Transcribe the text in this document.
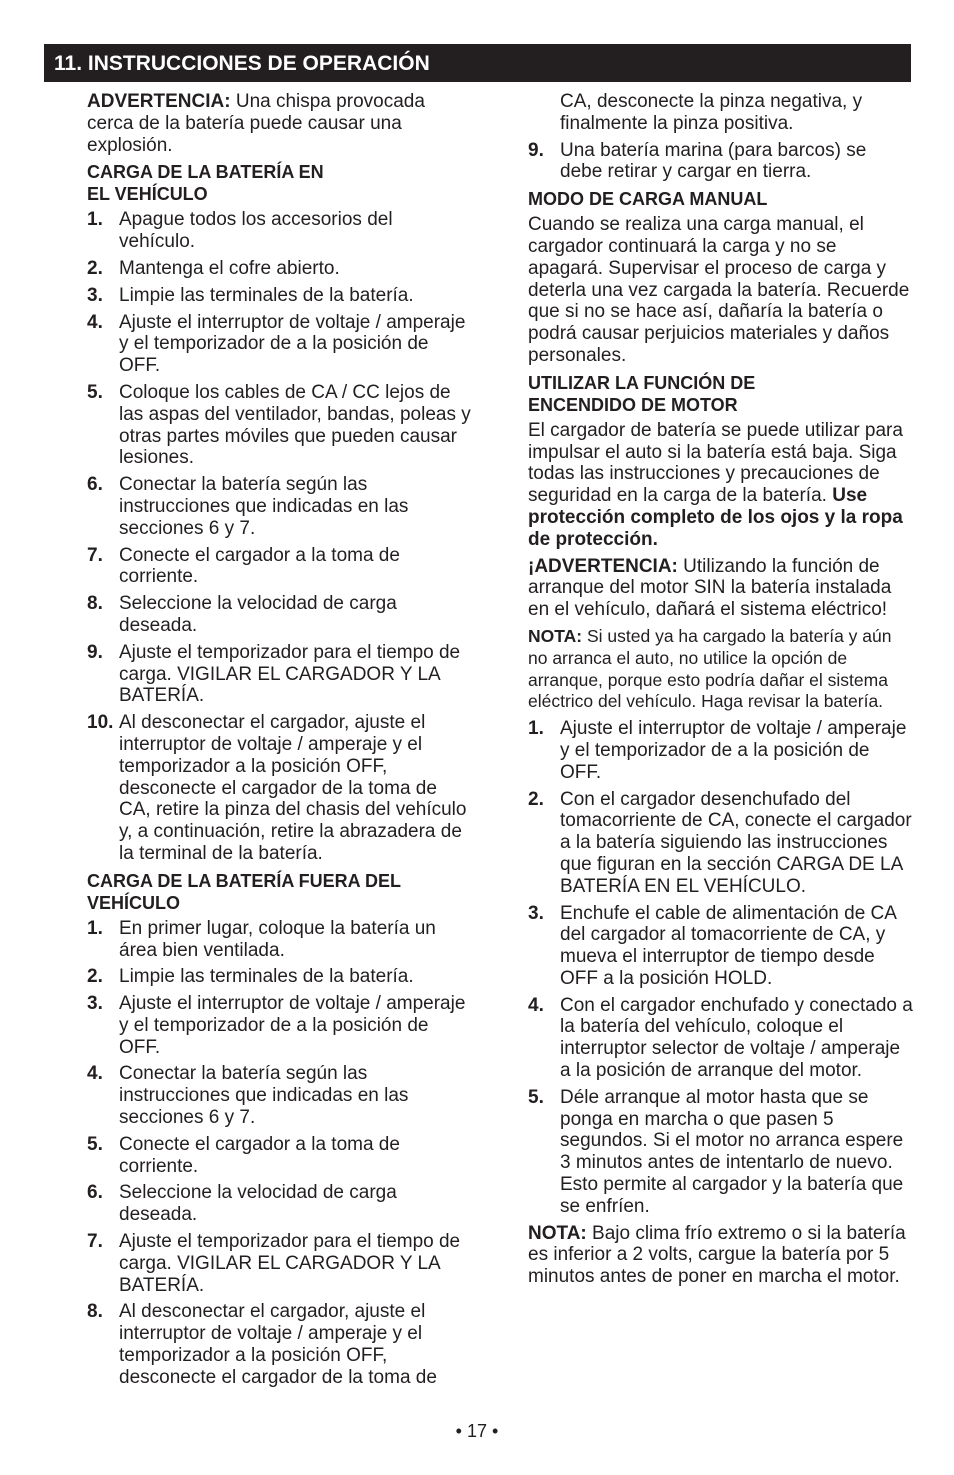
11. INSTRUCCIONES DE OPERACIÓN

ADVERTENCIA: Una chispa provocada cerca de la batería puede causar una explosión.

CARGA DE LA BATERÍA EN EL VEHÍCULO
1. Apague todos los accesorios del vehículo.
2. Mantenga el cofre abierto.
3. Limpie las terminales de la batería.
4. Ajuste el interruptor de voltaje / amperaje y el temporizador de a la posición de OFF.
5. Coloque los cables de CA / CC lejos de las aspas del ventilador, bandas, poleas y otras partes móviles que pueden causar lesiones.
6. Conectar la batería según las instrucciones que indicadas en las secciones 6 y 7.
7. Conecte el cargador a la toma de corriente.
8. Seleccione la velocidad de carga deseada.
9. Ajuste el temporizador para el tiempo de carga. VIGILAR EL CARGADOR Y LA BATERÍA.
10. Al desconectar el cargador, ajuste el interruptor de voltaje / amperaje y el temporizador a la posición OFF, desconecte el cargador de la toma de CA, retire la pinza del chasis del vehículo y, a continuación, retire la abrazadera de la terminal de la batería.
CARGA DE LA BATERÍA FUERA DEL VEHÍCULO
1. En primer lugar, coloque la batería un área bien ventilada.
2. Limpie las terminales de la batería.
3. Ajuste el interruptor de voltaje / amperaje y el temporizador de a la posición de OFF.
4. Conectar la batería según las instrucciones que indicadas en las secciones 6 y 7.
5. Conecte el cargador a la toma de corriente.
6. Seleccione la velocidad de carga deseada.
7. Ajuste el temporizador para el tiempo de carga. VIGILAR EL CARGADOR Y LA BATERÍA.
8. Al desconectar el cargador, ajuste el interruptor de voltaje / amperaje y el temporizador a la posición OFF, desconecte el cargador de la toma de
CA, desconecte la pinza negativa, y finalmente la pinza positiva.
9. Una batería marina (para barcos) se debe retirar y cargar en tierra.
MODO DE CARGA MANUAL

Cuando se realiza una carga manual, el cargador continuará la carga y no se apagará. Supervisar el proceso de carga y deterla una vez cargada la batería. Recuerde que si no se hace así, dañaría la batería o podrá causar perjuicios materiales y daños personales.

UTILIZAR LA FUNCIÓN DE ENCENDIDO DE MOTOR

El cargador de batería se puede utilizar para impulsar el auto si la batería está baja. Siga todas las instrucciones y precauciones de seguridad en la carga de la batería. Use protección completo de los ojos y la ropa de protección.

¡ADVERTENCIA: Utilizando la función de arranque del motor SIN la batería instalada en el vehículo, dañará el sistema eléctrico!

NOTA: Si usted ya ha cargado la batería y aún no arranca el auto, no utilice la opción de arranque, porque esto podría dañar el sistema eléctrico del vehículo. Haga revisar la batería.

1. Ajuste el interruptor de voltaje / amperaje y el temporizador de a la posición de OFF.
2. Con el cargador desenchufado del tomacorriente de CA, conecte el cargador a la batería siguiendo las instrucciones que figuran en la sección CARGA DE LA BATERÍA EN EL VEHÍCULO.
3. Enchufe el cable de alimentación de CA del cargador al tomacorriente de CA, y mueva el interruptor de tiempo desde OFF a la posición HOLD.
4. Con el cargador enchufado y conectado a la batería del vehículo, coloque el interruptor selector de voltaje / amperaje a la posición de arranque del motor.
5. Déle arranque al motor hasta que se ponga en marcha o que pasen 5 segundos. Si el motor no arranca espere 3 minutos antes de intentarlo de nuevo. Esto permite al cargador y la batería que se enfríen.

NOTA: Bajo clima frío extremo o si la batería es inferior a 2 volts, cargue la batería por 5 minutos antes de poner en marcha el motor.

• 17 •
